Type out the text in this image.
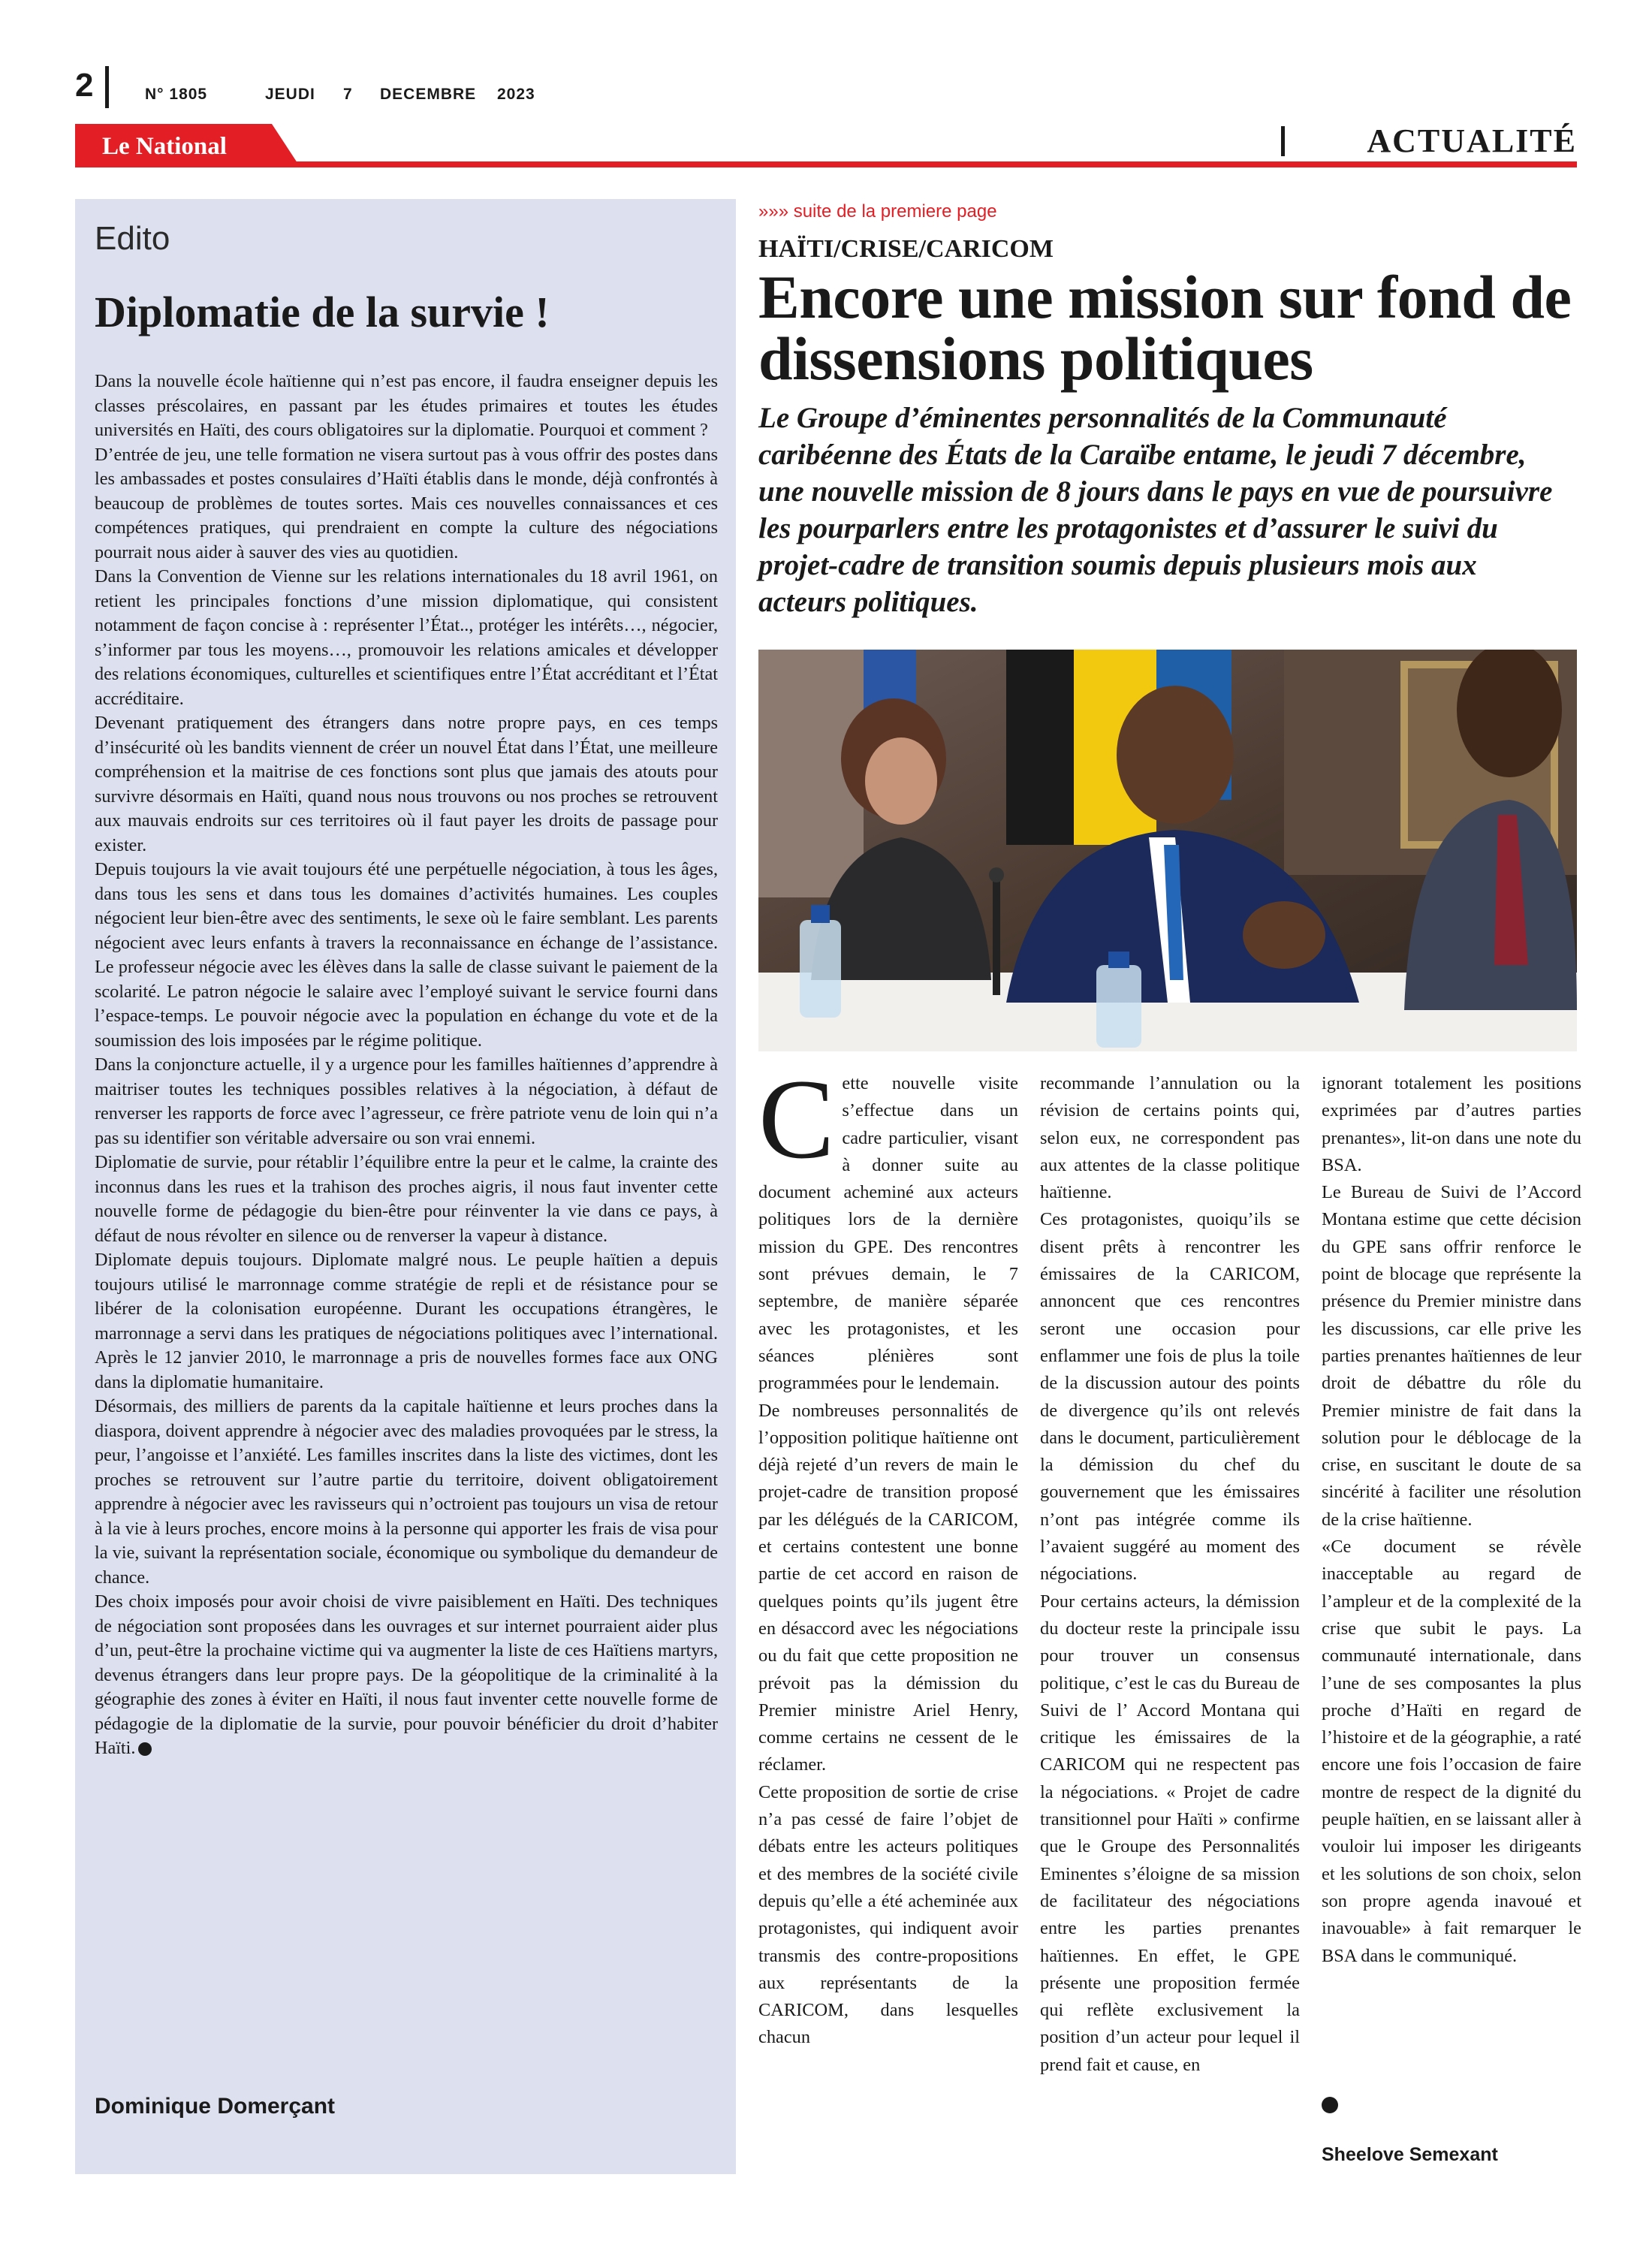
2	N° 1805	JEUDI 7 DECEMBRE 2023
Le National	ACTUALITÉ
Edito
Diplomatie de la survie !

Dans la nouvelle école haïtienne qui n’est pas encore, il faudra enseigner depuis les classes préscolaires, en passant par les études primaires et toutes les études universités en Haïti, des cours obligatoires sur la diplomatie. Pourquoi et comment ?

D’entrée de jeu, une telle formation ne visera surtout pas à vous offrir des postes dans les ambassades et postes consulaires d’Haïti établis dans le monde, déjà confrontés à beaucoup de problèmes de toutes sortes. Mais ces nouvelles connaissances et ces compétences pratiques, qui prendraient en compte la culture des négociations pourrait nous aider à sauver des vies au quotidien.

Dans la Convention de Vienne sur les relations internationales du 18 avril 1961, on retient les principales fonctions d’une mission diplomatique, qui consistent notamment de façon concise à : représenter l’État.., protéger les intérêts…, négocier, s’informer par tous les moyens…, promouvoir les relations amicales et développer des relations économiques, culturelles et scientifiques entre l’État accréditant et l’État accréditaire.

Devenant pratiquement des étrangers dans notre propre pays, en ces temps d’insécurité où les bandits viennent de créer un nouvel État dans l’État, une meilleure compréhension et la maitrise de ces fonctions sont plus que jamais des atouts pour survivre désormais en Haïti, quand nous nous trouvons ou nos proches se retrouvent aux mauvais endroits sur ces territoires où il faut payer les droits de passage pour exister.

Depuis toujours la vie avait toujours été une perpétuelle négociation, à tous les âges, dans tous les sens et dans tous les domaines d’activités humaines. Les couples négocient leur bien-être avec des sentiments, le sexe où le faire semblant. Les parents négocient avec leurs enfants à travers la reconnaissance en échange de l’assistance. Le professeur négocie avec les élèves dans la salle de classe suivant le paiement de la scolarité. Le patron négocie le salaire avec l’employé suivant le service fourni dans l’espace-temps. Le pouvoir négocie avec la population en échange du vote et de la soumission des lois imposées par le régime politique.

Dans la conjoncture actuelle, il y a urgence pour les familles haïtiennes d’apprendre à maitriser toutes les techniques possibles relatives à la négociation, à défaut de renverser les rapports de force avec l’agresseur, ce frère patriote venu de loin qui n’a pas su identifier son véritable adversaire ou son vrai ennemi.

Diplomatie de survie, pour rétablir l’équilibre entre la peur et le calme, la crainte des inconnus dans les rues et la trahison des proches aigris, il nous faut inventer cette nouvelle forme de pédagogie du bien-être pour réinventer la vie dans ce pays, à défaut de nous révolter en silence ou de renverser la vapeur à distance.

Diplomate depuis toujours. Diplomate malgré nous. Le peuple haïtien a depuis toujours utilisé le marronnage comme stratégie de repli et de résistance pour se libérer de la colonisation européenne. Durant les occupations étrangères, le marronnage a servi dans les pratiques de négociations politiques avec l’international. Après le 12 janvier 2010, le marronnage a pris de nouvelles formes face aux ONG dans la diplomatie humanitaire.

Désormais, des milliers de parents da la capitale haïtienne et leurs proches dans la diaspora, doivent apprendre à négocier avec des maladies provoquées par le stress, la peur, l’angoisse et l’anxiété. Les familles inscrites dans la liste des victimes, dont les proches se retrouvent sur l’autre partie du territoire, doivent obligatoirement apprendre à négocier avec les ravisseurs qui n’octroient pas toujours un visa de retour à la vie à leurs proches, encore moins à la personne qui apporter les frais de visa pour la vie, suivant la représentation sociale, économique ou symbolique du demandeur de chance.

Des choix imposés pour avoir choisi de vivre paisiblement en Haïti. Des techniques de négociation sont proposées dans les ouvrages et sur internet pourraient aider plus d’un, peut-être la prochaine victime qui va augmenter la liste de ces Haïtiens martyrs, devenus étrangers dans leur propre pays. De la géopolitique de la criminalité à la géographie des zones à éviter en Haïti, il nous faut inventer cette nouvelle forme de pédagogie de la diplomatie de la survie, pour pouvoir bénéficier du droit d’habiter Haïti.

Dominique Domerçant
»»» suite de la premiere page
HAÏTI/CRISE/CARICOM
Encore une mission sur fond de dissensions politiques
Le Groupe d’éminentes personnalités de la Communauté caribéenne des États de la Caraïbe entame, le jeudi 7 décembre, une nouvelle mission de 8 jours dans le pays en vue de poursuivre les pourparlers entre les protagonistes et d’assurer le suivi du projet-cadre de transition soumis depuis plusieurs mois aux acteurs politiques.

Cette nouvelle visite s’effectue dans un cadre particulier, visant à donner suite au document acheminé aux acteurs politiques lors de la dernière mission du GPE. Des rencontres sont prévues demain, le 7 septembre, de manière séparée avec les protagonistes, et les séances plénières sont programmées pour le lendemain.

De nombreuses personnalités de l’opposition politique haïtienne ont déjà rejeté d’un revers de main le projet-cadre de transition proposé par les délégués de la CARICOM, et certains contestent une bonne partie de cet accord en raison de quelques points qu’ils jugent être en désaccord avec les négociations ou du fait que cette proposition ne prévoit pas la démission du Premier ministre Ariel Henry, comme certains ne cessent de le réclamer.

Cette proposition de sortie de crise n’a pas cessé de faire l’objet de débats entre les acteurs politiques et des membres de la société civile depuis qu’elle a été acheminée aux protagonistes, qui indiquent avoir transmis des contre-propositions aux représentants de la CARICOM, dans lesquelles chacun

recommande l’annulation ou la révision de certains points qui, selon eux, ne correspondent pas aux attentes de la classe politique haïtienne.

Ces protagonistes, quoiqu’ils se disent prêts à rencontrer les émissaires de la CARICOM, annoncent que ces rencontres seront une occasion pour enflammer une fois de plus la toile de la discussion autour des points de divergence qu’ils ont relevés dans le document, particulièrement la démission du chef du gouvernement que les émissaires n’ont pas intégrée comme ils l’avaient suggéré au moment des négociations.

Pour certains acteurs, la démission du docteur reste la principale issu pour trouver un consensus politique, c’est le cas du Bureau de Suivi de l’ Accord Montana qui critique les émissaires de la CARICOM qui ne respectent pas la négociations. « Projet de cadre transitionnel pour Haïti » confirme que le Groupe des Personnalités Eminentes s’éloigne de sa mission de facilitateur des négociations entre les parties prenantes haïtiennes. En effet, le GPE présente une proposition fermée qui reflète exclusivement la position d’un acteur pour lequel il prend fait et cause, en

ignorant totalement les positions exprimées par d’autres parties prenantes», lit-on dans une note du BSA.

Le Bureau de Suivi de l’Accord Montana estime que cette décision du GPE sans offrir renforce le point de blocage que représente la présence du Premier ministre dans les discussions, car elle prive les parties prenantes haïtiennes de leur droit de débattre du rôle du Premier ministre de fait dans la solution pour le déblocage de la crise, en suscitant le doute de sa sincérité à faciliter une résolution de la crise haïtienne.

«Ce document se révèle inacceptable au regard de l’ampleur et de la complexité de la crise que subit le pays. La communauté internationale, dans l’une de ses composantes la plus proche d’Haïti en regard de l’histoire et de la géographie, a raté encore une fois l’occasion de faire montre de respect de la dignité du peuple haïtien, en se laissant aller à vouloir lui imposer les dirigeants et les solutions de son choix, selon son propre agenda inavoué et inavouable» à fait remarquer le BSA dans le communiqué.

Sheelove Semexant
